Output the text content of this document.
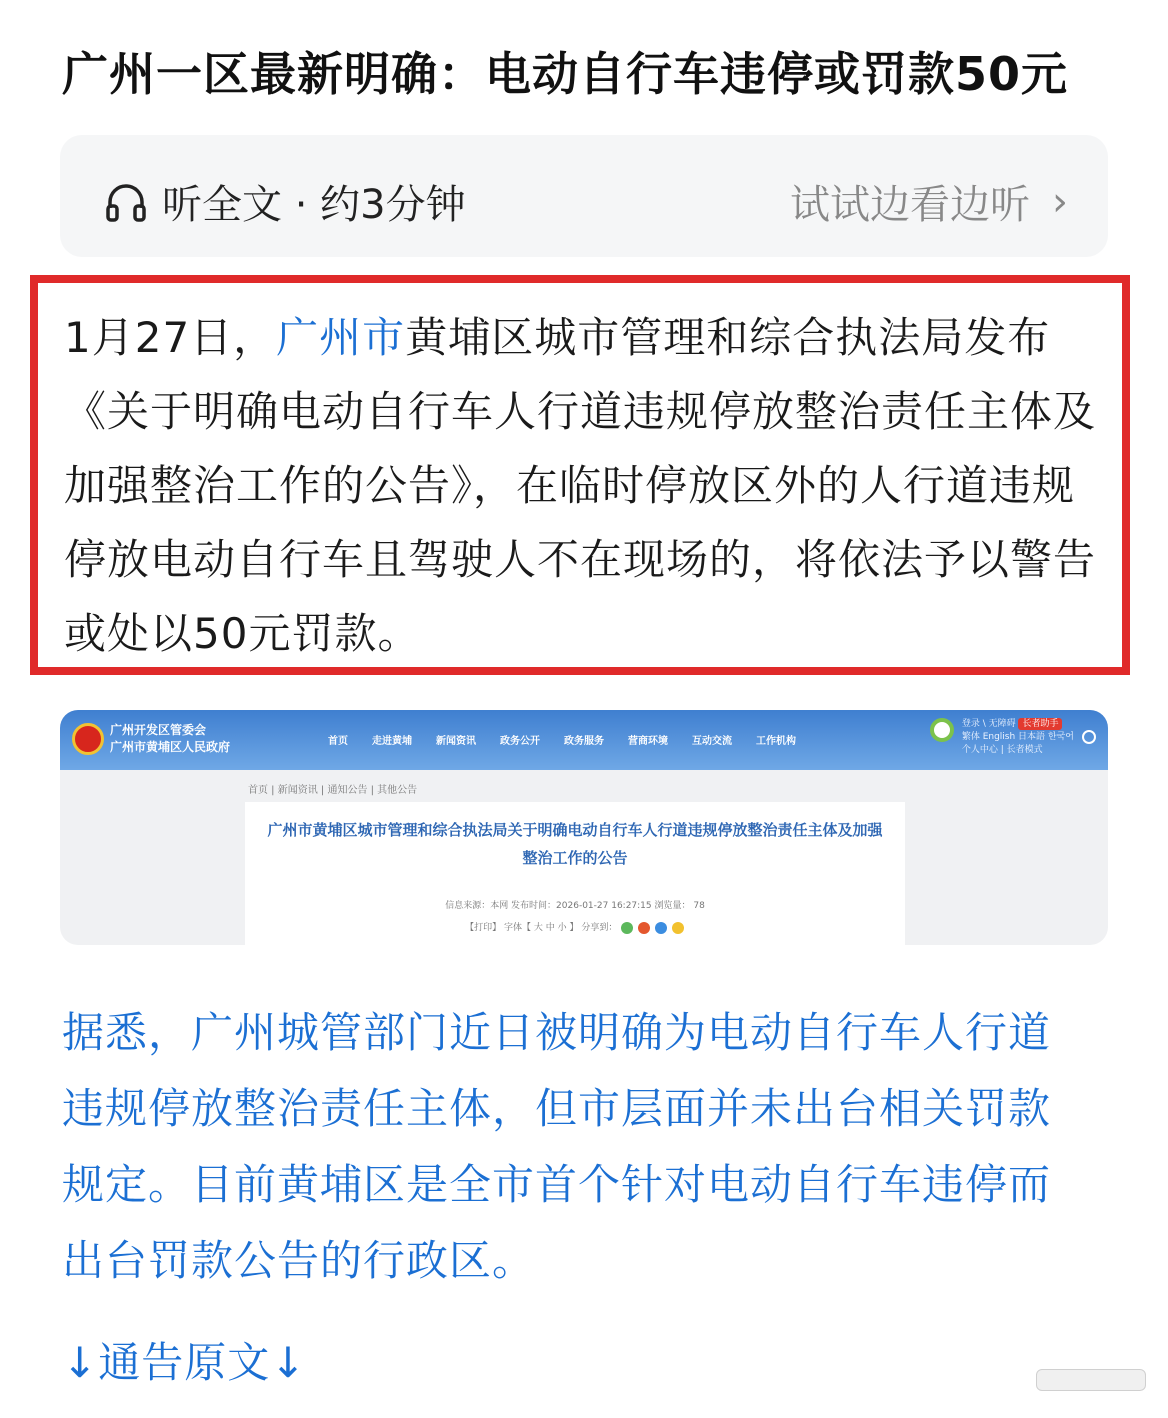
广州一区最新明确：电动自行车违停或罚款50元
听全文 · 约3分钟	试试边看边听 ›

1月27日，广州市黄埔区城市管理和综合执法局发布《关于明确电动自行车人行道违规停放整治责任主体及加强整治工作的公告》，在临时停放区外的人行道违规停放电动自行车且驾驶人不在现场的，将依法予以警告或处以50元罚款。

广州开发区管委会
广州市黄埔区人民政府	首页 走进黄埔 新闻资讯 政务公开 政务服务 营商环境 互动交流 工作机构
登录 \ 无障碍 长者助手
繁体 English 日本語 한국어
个人中心 | 长者模式
首页 | 新闻资讯 | 通知公告 | 其他公告
广州市黄埔区城市管理和综合执法局关于明确电动自行车人行道违规停放整治责任主体及加强整治工作的公告
信息来源：本网 发布时间：2026-01-27 16:27:15 浏览量： 78
【打印】 字体【 大 中 小 】 分享到：
据悉，广州城管部门近日被明确为电动自行车人行道违规停放整治责任主体，但市层面并未出台相关罚款规定。目前黄埔区是全市首个针对电动自行车违停而出台罚款公告的行政区。
↓通告原文↓
